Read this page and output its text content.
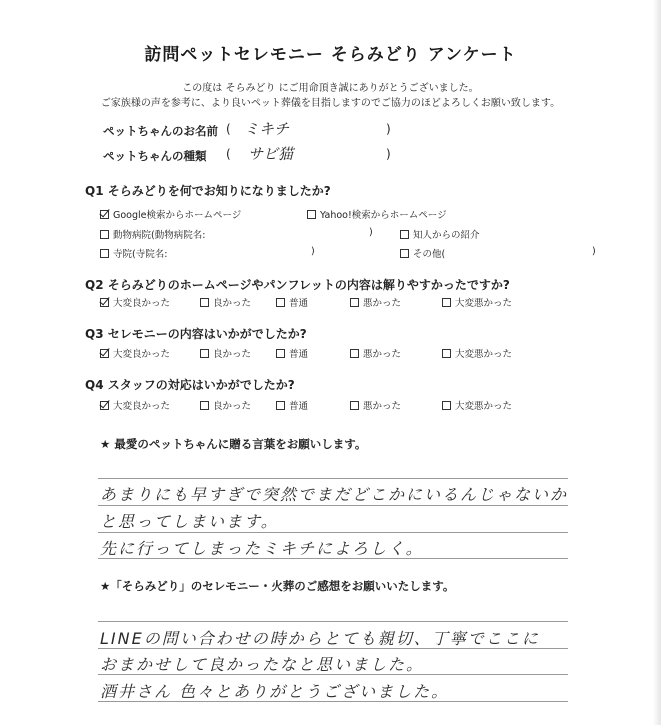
訪問ペットセレモニー そらみどり アンケート
この度は そらみどり にご用命頂き誠にありがとうございました。
ご家族様の声を参考に、より良いペット葬儀を目指しますのでご協力のほどよろしくお願い致します。
ペットちゃんのお名前 ( ミキチ	)
ペットちゃんの種類 ( サビ猫	)
Q1 そらみどりを何でお知りになりましたか?
Google検索からホームページ	Yahoo!検索からホームページ
動物病院(動物病院名:	)	知人からの紹介
寺院(寺院名:	)	その他(	)
Q2 そらみどりのホームページやパンフレットの内容は解りやすかったですか?
大変良かった	良かった	普通	悪かった	大変悪かった
Q3 セレモニーの内容はいかがでしたか?
大変良かった	良かった	普通	悪かった	大変悪かった
Q4 スタッフの対応はいかがでしたか?
大変良かった	良かった	普通	悪かった	大変悪かった
★ 最愛のペットちゃんに贈る言葉をお願いします。
あまりにも早すぎで突然でまだどこかにいるんじゃないか
と思ってしまいます。
先に行ってしまったミキチによろしく。
★「そらみどり」のセレモニー・火葬のご感想をお願いいたします。
LINEの問い合わせの時からとても親切、丁寧でここに
おまかせして良かったなと思いました。
酒井さん 色々とありがとうございました。
